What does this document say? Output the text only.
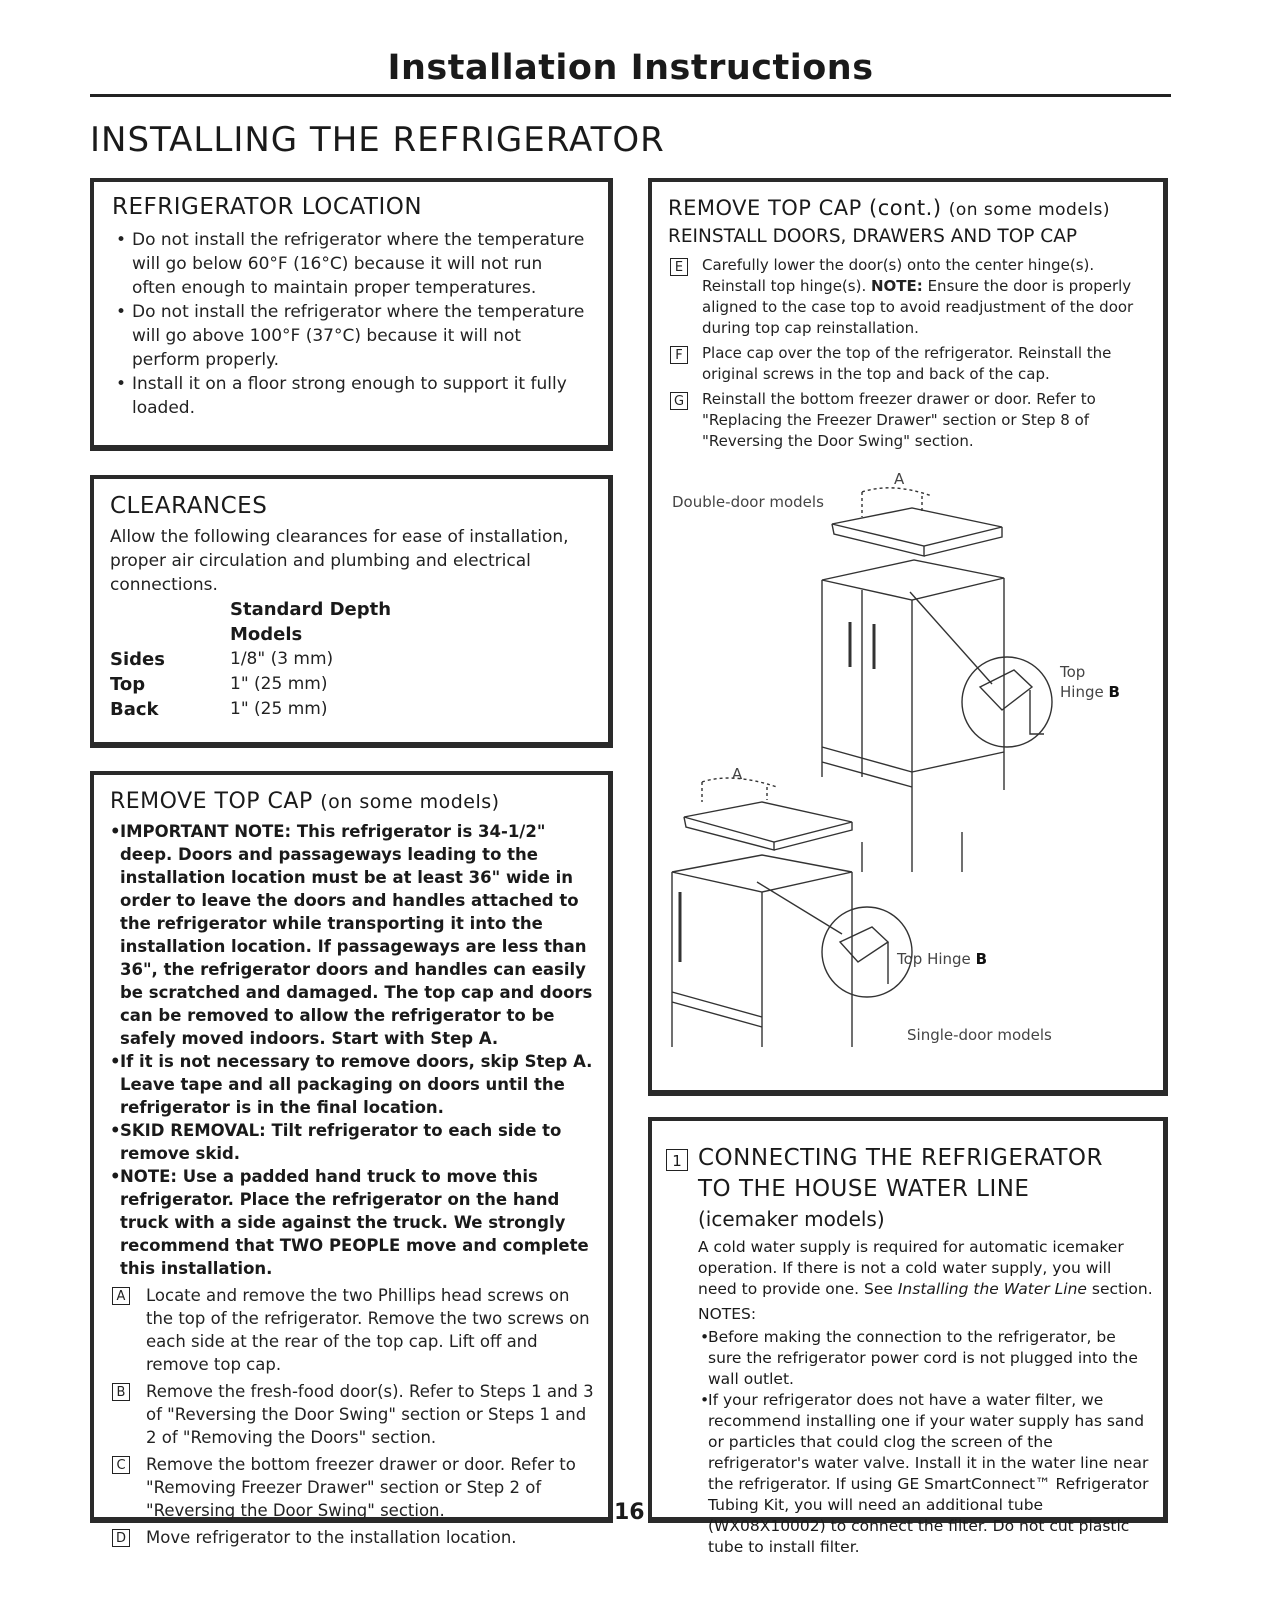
Installation Instructions
INSTALLING THE REFRIGERATOR
REFRIGERATOR LOCATION
• Do not install the refrigerator where the temperature will go below 60°F (16°C) because it will not run often enough to maintain proper temperatures.
• Do not install the refrigerator where the temperature will go above 100°F (37°C) because it will not perform properly.
• Install it on a floor strong enough to support it fully loaded.
CLEARANCES
Allow the following clearances for ease of installation, proper air circulation and plumbing and electrical connections.

	Standard Depth
Models

Sides	1/8" (3 mm)
Top	1" (25 mm)
Back	1" (25 mm)
REMOVE TOP CAP (on some models)
• IMPORTANT NOTE: This refrigerator is 34-1/2" deep. Doors and passageways leading to the installation location must be at least 36" wide in order to leave the doors and handles attached to the refrigerator while transporting it into the installation location. If passageways are less than 36", the refrigerator doors and handles can easily be scratched and damaged. The top cap and doors can be removed to allow the refrigerator to be safely moved indoors. Start with Step A.
• If it is not necessary to remove doors, skip Step A. Leave tape and all packaging on doors until the refrigerator is in the final location.
• SKID REMOVAL: Tilt refrigerator to each side to remove skid.
• NOTE: Use a padded hand truck to move this refrigerator. Place the refrigerator on the hand truck with a side against the truck. We strongly recommend that TWO PEOPLE move and complete this installation.
A Locate and remove the two Phillips head screws on the top of the refrigerator. Remove the two screws on each side at the rear of the top cap. Lift off and remove top cap.
B Remove the fresh-food door(s). Refer to Steps 1 and 3 of "Reversing the Door Swing" section or Steps 1 and 2 of "Removing the Doors" section.
C Remove the bottom freezer drawer or door. Refer to "Removing Freezer Drawer" section or Step 2 of "Reversing the Door Swing" section.
D Move refrigerator to the installation location.
16
REMOVE TOP CAP (cont.) (on some models)
REINSTALL DOORS, DRAWERS AND TOP CAP
E	Carefully lower the door(s) onto the center hinge(s). Reinstall top hinge(s). NOTE: Ensure the door is properly aligned to the case top to avoid readjustment of the door during top cap reinstallation.
F	Place cap over the top of the refrigerator. Reinstall the original screws in the top and back of the cap.
G Reinstall the bottom freezer drawer or door. Refer to "Replacing the Freezer Drawer" section or Step 8 of "Reversing the Door Swing" section.
A
Double-door models
Top
Hinge B
A
Top Hinge B
Single-door models
1 CONNECTING THE REFRIGERATOR
TO THE HOUSE WATER LINE
(icemaker models)
A cold water supply is required for automatic icemaker operation. If there is not a cold water supply, you will need to provide one. See Installing the Water Line section.
NOTES:
• Before making the connection to the refrigerator, be sure the refrigerator power cord is not plugged into the wall outlet.
• If your refrigerator does not have a water filter, we recommend installing one if your water supply has sand or particles that could clog the screen of the refrigerator's water valve. Install it in the water line near the refrigerator. If using GE SmartConnect™ Refrigerator Tubing Kit, you will need an additional tube (WX08X10002) to connect the filter. Do not cut plastic tube to install filter.
